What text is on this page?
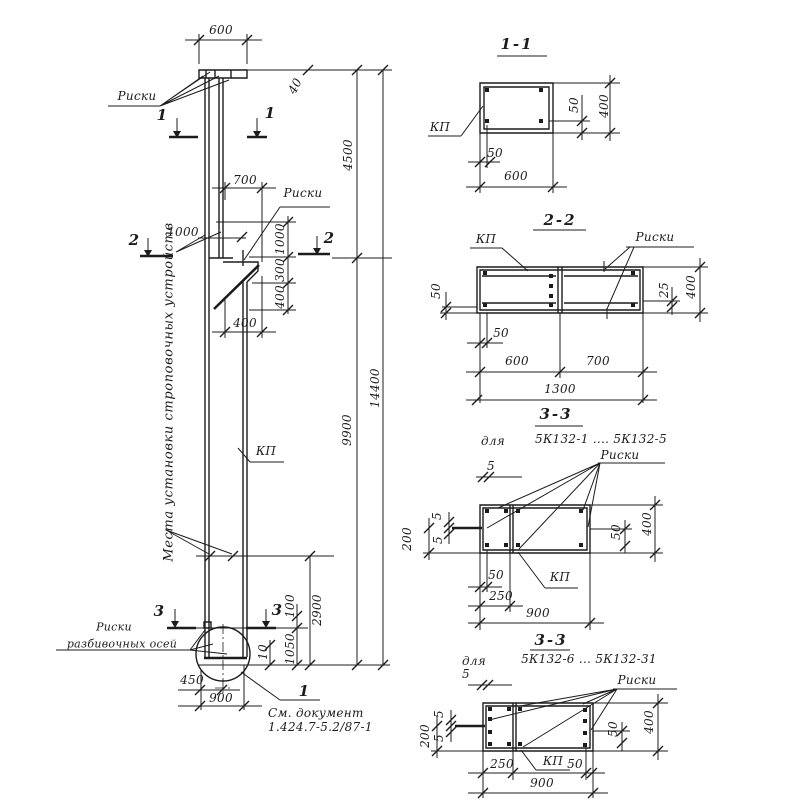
600
Риски
1	1
40
4500
700
Риски
1000
2	2
1000
300
400
400
Места установки строповочных устройств	КП
14400
9900
3	3 100 2900
10 1050
Риски
разбивочных осей
450
900	1
См. документ
1.424.7-5.2/87-1
1-1
КП
50 400
50
600
2-2
КП	Риски
50	25 400
50
600	700
1300
3-3
для 5К132-1 .... 5К132-5
Риски
5
5
5
200	50 400
КП
50
250
900
3-3
для	5К132-6 ... 5К132-31
5	Риски
5
5
200	50 400
КП
250	50
900
